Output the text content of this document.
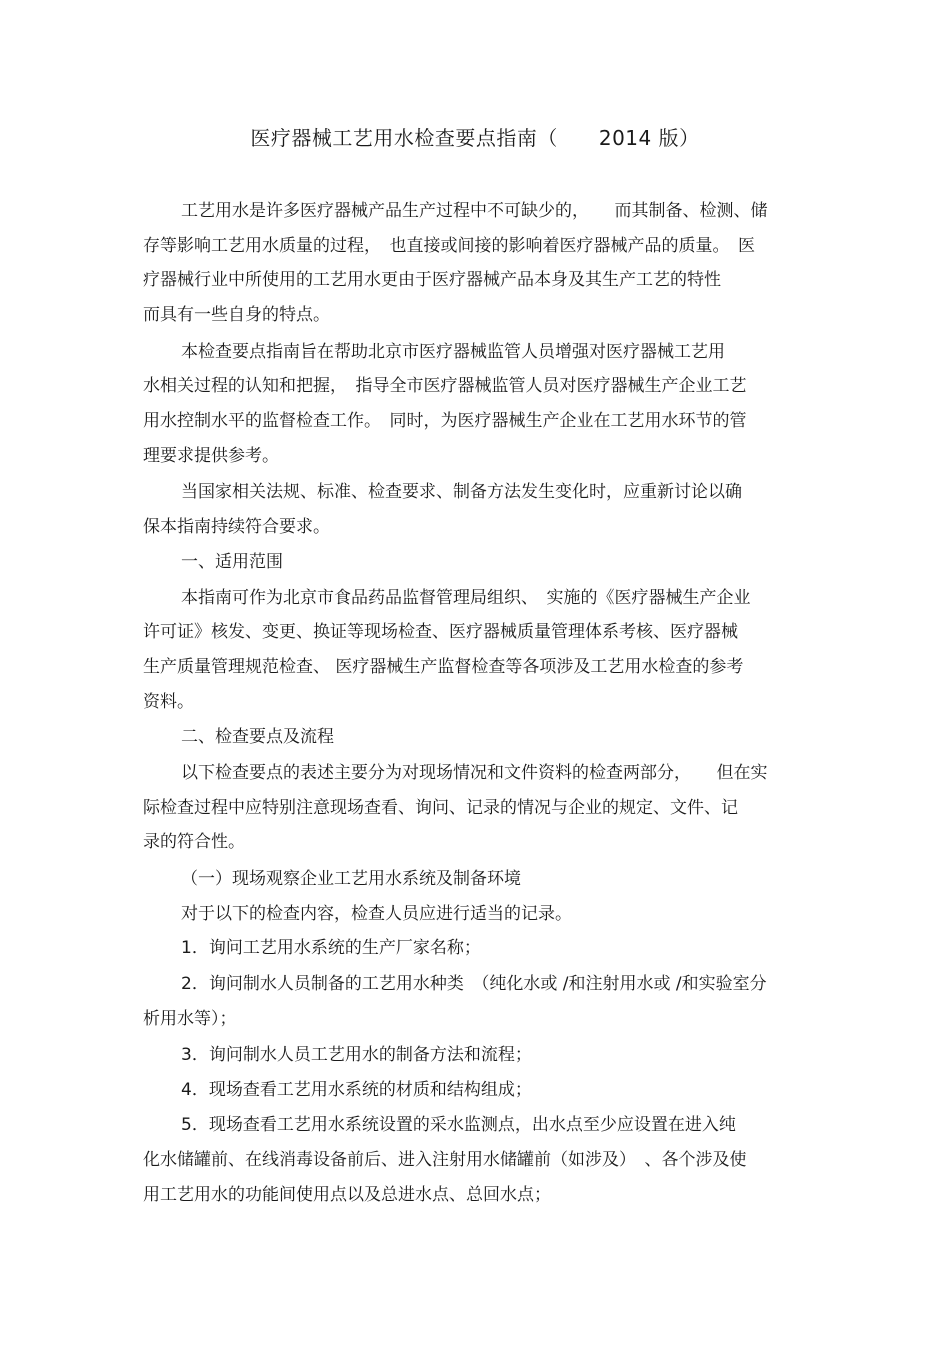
医疗器械工艺用水检查要点指南（　　2014 版）
工艺用水是许多医疗器械产品生产过程中不可缺少的，　　而其制备、检测、储
存等影响工艺用水质量的过程，　也直接或间接的影响着医疗器械产品的质量。　医
疗器械行业中所使用的工艺用水更由于医疗器械产品本身及其生产工艺的特性
而具有一些自身的特点。
本检查要点指南旨在帮助北京市医疗器械监管人员增强对医疗器械工艺用
水相关过程的认知和把握，　指导全市医疗器械监管人员对医疗器械生产企业工艺
用水控制水平的监督检查工作。　同时，为医疗器械生产企业在工艺用水环节的管
理要求提供参考。
当国家相关法规、标准、检查要求、制备方法发生变化时，应重新讨论以确
保本指南持续符合要求。
一、适用范围
本指南可作为北京市食品药品监督管理局组织、　实施的《医疗器械生产企业
许可证》核发、变更、换证等现场检查、医疗器械质量管理体系考核、医疗器械
生产质量管理规范检查、 医疗器械生产监督检查等各项涉及工艺用水检查的参考
资料。
二、检查要点及流程
以下检查要点的表述主要分为对现场情况和文件资料的检查两部分，　　但在实
际检查过程中应特别注意现场查看、询问、记录的情况与企业的规定、文件、记
录的符合性。
（一）现场观察企业工艺用水系统及制备环境
对于以下的检查内容，检查人员应进行适当的记录。
1．询问工艺用水系统的生产厂家名称；
2．询问制水人员制备的工艺用水种类　（纯化水或 /和注射用水或 /和实验室分
析用水等）；
3．询问制水人员工艺用水的制备方法和流程；
4．现场查看工艺用水系统的材质和结构组成；
5．现场查看工艺用水系统设置的采水监测点，出水点至少应设置在进入纯
化水储罐前、在线消毒设备前后、进入注射用水储罐前（如涉及）　、各个涉及使
用工艺用水的功能间使用点以及总进水点、总回水点；
